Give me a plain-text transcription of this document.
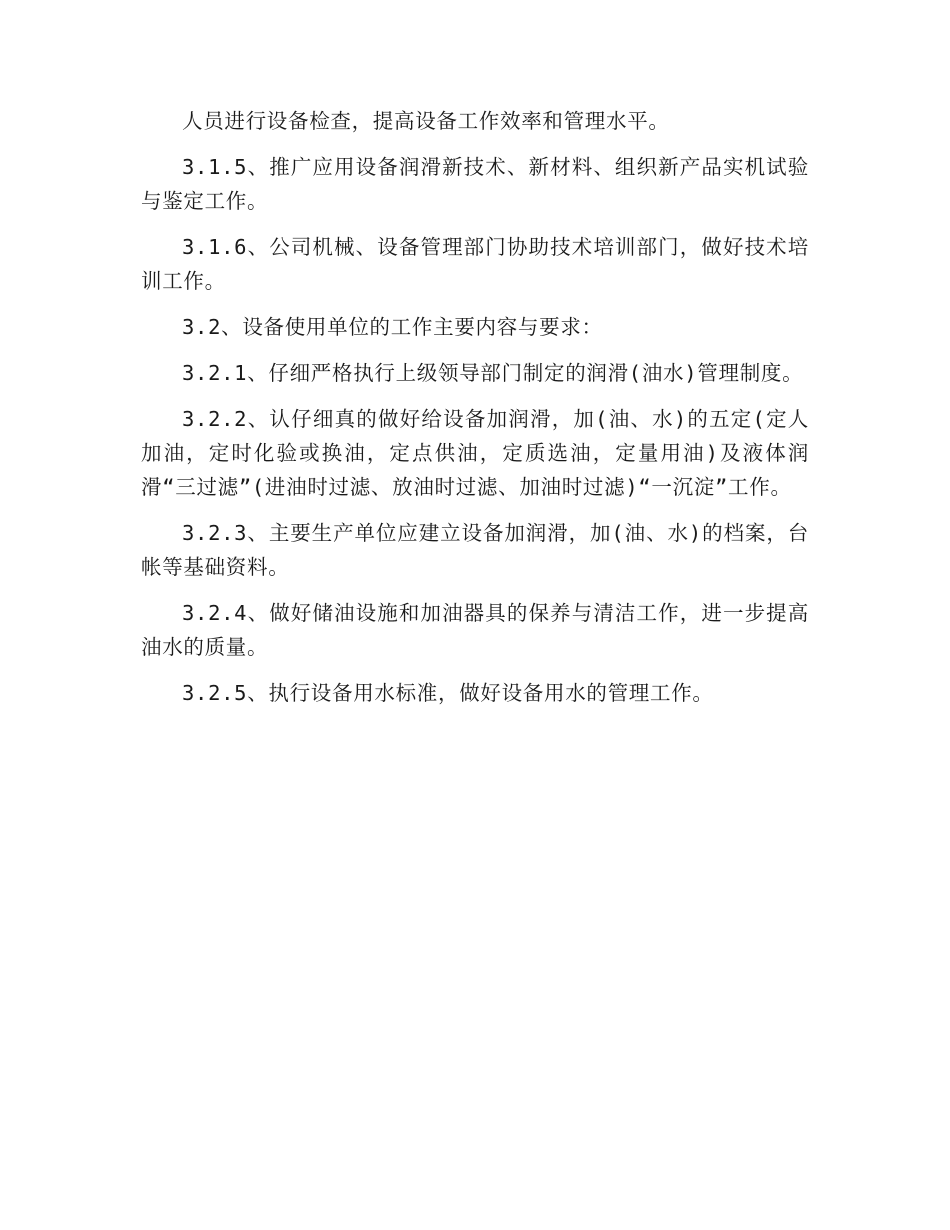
人员进行设备检查，提高设备工作效率和管理水平。

3.1.5、推广应用设备润滑新技术、新材料、组织新产品实机试验与鉴定工作。

3.1.6、公司机械、设备管理部门协助技术培训部门，做好技术培训工作。

3.2、设备使用单位的工作主要内容与要求：

3.2.1、仔细严格执行上级领导部门制定的润滑(油水)管理制度。

3.2.2、认仔细真的做好给设备加润滑，加(油、水)的五定(定人加油，定时化验或换油，定点供油，定质选油，定量用油)及液体润滑“三过滤”(进油时过滤、放油时过滤、加油时过滤)“一沉淀”工作。

3.2.3、主要生产单位应建立设备加润滑，加(油、水)的档案，台帐等基础资料。

3.2.4、做好储油设施和加油器具的保养与清洁工作，进一步提高油水的质量。

3.2.5、执行设备用水标准，做好设备用水的管理工作。
